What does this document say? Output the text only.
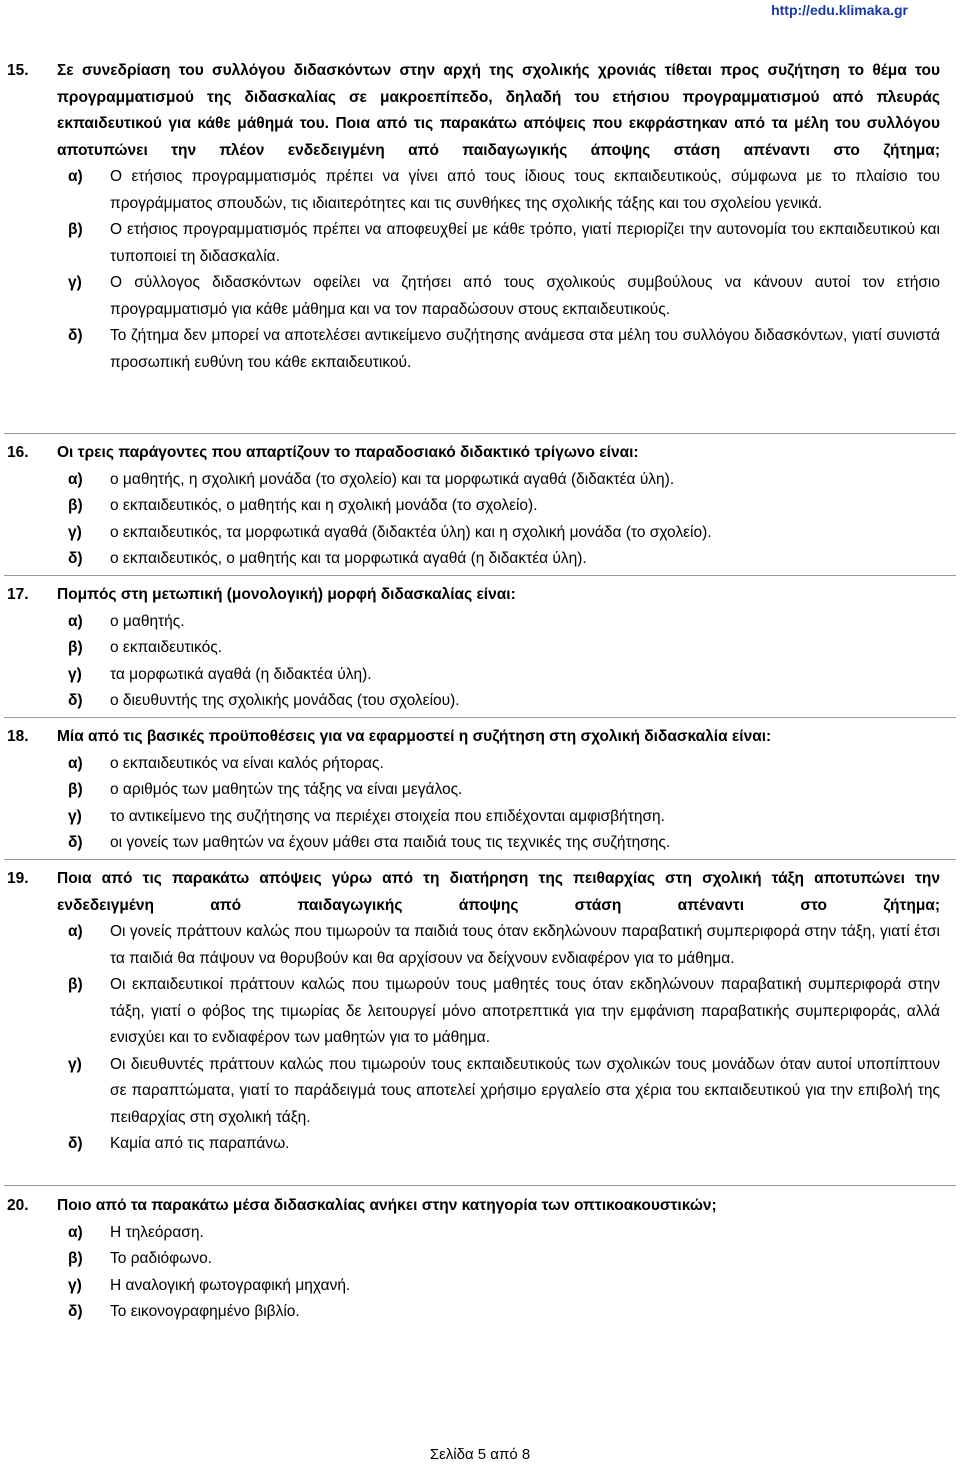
http://edu.klimaka.gr
15. Σε συνεδρίαση του συλλόγου διδασκόντων στην αρχή της σχολικής χρονιάς τίθεται προς συζήτηση το θέμα του προγραμματισμού της διδασκαλίας σε μακροεπίπεδο, δηλαδή του ετήσιου προγραμματισμού από πλευράς εκπαιδευτικού για κάθε μάθημά του. Ποια από τις παρακάτω απόψεις που εκφράστηκαν από τα μέλη του συλλόγου αποτυπώνει την πλέον ενδεδειγμένη από παιδαγωγικής άποψης στάση απέναντι στο ζήτημα;
α) Ο ετήσιος προγραμματισμός πρέπει να γίνει από τους ίδιους τους εκπαιδευτικούς, σύμφωνα με το πλαίσιο του προγράμματος σπουδών, τις ιδιαιτερότητες και τις συνθήκες της σχολικής τάξης και του σχολείου γενικά.
β) Ο ετήσιος προγραμματισμός πρέπει να αποφευχθεί με κάθε τρόπο, γιατί περιορίζει την αυτονομία του εκπαιδευτικού και τυποποιεί τη διδασκαλία.
γ) Ο σύλλογος διδασκόντων οφείλει να ζητήσει από τους σχολικούς συμβούλους να κάνουν αυτοί τον ετήσιο προγραμματισμό για κάθε μάθημα και να τον παραδώσουν στους εκπαιδευτικούς.
δ) Το ζήτημα δεν μπορεί να αποτελέσει αντικείμενο συζήτησης ανάμεσα στα μέλη του συλλόγου διδασκόντων, γιατί συνιστά προσωπική ευθύνη του κάθε εκπαιδευτικού.
16. Οι τρεις παράγοντες που απαρτίζουν το παραδοσιακό διδακτικό τρίγωνο είναι:
α) ο μαθητής, η σχολική μονάδα (το σχολείο) και τα μορφωτικά αγαθά (διδακτέα ύλη).
β) ο εκπαιδευτικός, ο μαθητής και η σχολική μονάδα (το σχολείο).
γ) ο εκπαιδευτικός, τα μορφωτικά αγαθά (διδακτέα ύλη) και η σχολική μονάδα (το σχολείο).
δ) ο εκπαιδευτικός, ο μαθητής και τα μορφωτικά αγαθά (η διδακτέα ύλη).
17. Πομπός στη μετωπική (μονολογική) μορφή διδασκαλίας είναι:
α) ο μαθητής.
β) ο εκπαιδευτικός.
γ) τα μορφωτικά αγαθά (η διδακτέα ύλη).
δ) ο διευθυντής της σχολικής μονάδας (του σχολείου).
18. Μία από τις βασικές προϋποθέσεις για να εφαρμοστεί η συζήτηση στη σχολική διδασκαλία είναι:
α) ο εκπαιδευτικός να είναι καλός ρήτορας.
β) ο αριθμός των μαθητών της τάξης να είναι μεγάλος.
γ) το αντικείμενο της συζήτησης να περιέχει στοιχεία που επιδέχονται αμφισβήτηση.
δ) οι γονείς των μαθητών να έχουν μάθει στα παιδιά τους τις τεχνικές της συζήτησης.
19. Ποια από τις παρακάτω απόψεις γύρω από τη διατήρηση της πειθαρχίας στη σχολική τάξη αποτυπώνει την ενδεδειγμένη από παιδαγωγικής άποψης στάση απέναντι στο ζήτημα;
α) Οι γονείς πράττουν καλώς που τιμωρούν τα παιδιά τους όταν εκδηλώνουν παραβατική συμπεριφορά στην τάξη, γιατί έτσι τα παιδιά θα πάψουν να θορυβούν και θα αρχίσουν να δείχνουν ενδιαφέρον για το μάθημα.
β) Οι εκπαιδευτικοί πράττουν καλώς που τιμωρούν τους μαθητές τους όταν εκδηλώνουν παραβατική συμπεριφορά στην τάξη, γιατί ο φόβος της τιμωρίας δε λειτουργεί μόνο αποτρεπτικά για την εμφάνιση παραβατικής συμπεριφοράς, αλλά ενισχύει και το ενδιαφέρον των μαθητών για το μάθημα.
γ) Οι διευθυντές πράττουν καλώς που τιμωρούν τους εκπαιδευτικούς των σχολικών τους μονάδων όταν αυτοί υποπίπτουν σε παραπτώματα, γιατί το παράδειγμά τους αποτελεί χρήσιμο εργαλείο στα χέρια του εκπαιδευτικού για την επιβολή της πειθαρχίας στη σχολική τάξη.
δ) Καμία από τις παραπάνω.
20. Ποιο από τα παρακάτω μέσα διδασκαλίας ανήκει στην κατηγορία των οπτικοακουστικών;
α) Η τηλεόραση.
β) Το ραδιόφωνο.
γ) Η αναλογική φωτογραφική μηχανή.
δ) Το εικονογραφημένο βιβλίο.
Σελίδα 5 από 8
